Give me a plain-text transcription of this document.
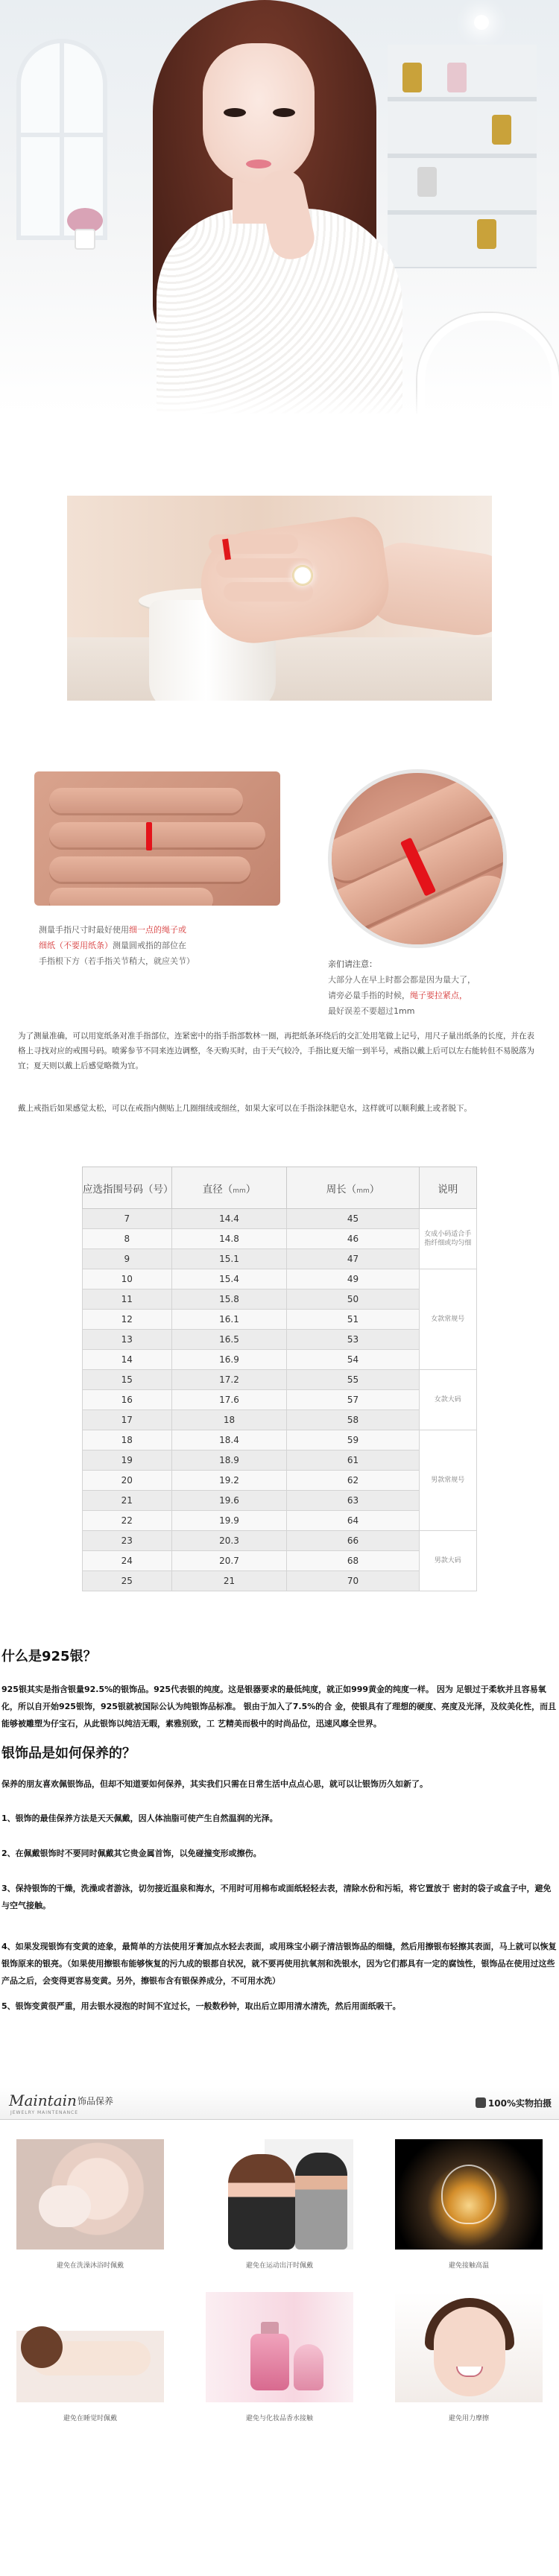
测量手指尺寸时最好使用细一点的绳子或
细纸（不要用纸条）测量圆戒指的部位在
手指根下方（若手指关节稍大，就应关节）	亲们请注意：
大部分人在早上时都会都是因为量大了，
请旁必量手指的时候，绳子要拉紧点，
最好误差不要超过1mm
为了测量准确，可以用宽纸条对准手指部位，连紧密中的指手指部数林一圈，再把纸条环绕后的交汇处用笔做上记号，用尺子量出纸条的长度，并在表格上寻找对应的戒围号码。喷雾参节不同来连边调整，冬天购买时，由于天气较冷，手指比夏天缩一到半号，戒指以戴上后可以左右能转但不易脱落为宜；夏天则以戴上后感觉略微为宜。
戴上戒指后如果感觉太松，可以在戒指内侧贴上几圈细绒或细丝，如果大家可以在手指涂抹肥皂水，这样就可以顺利戴上或者脱下。
应选指围号码（号）	直径（mm）	周长（mm）	说明
7	14.4	45	女成小码适合手指纤细或均匀细
8	14.8	46	
9	15.1	47	
10	15.4	49	女款常规号
11	15.8	50	
12	16.1	51	
13	16.5	53	
14	16.9	54	
15	17.2	55	女款大码
16	17.6	57	
17	18	58	
18	18.4	59	男款常规号
19	18.9	61	
20	19.2	62	
21	19.6	63	
22	19.9	64	
23	20.3	66	男款大码
24	20.7	68	
25	21	70	
什么是925银？
925银其实是指含银量92.5%的银饰品。925代表银的纯度。这是银器要求的最低纯度，就正如999黄金的纯度一样。 因为 足银过于柔软并且容易氧化，所以自开始925银饰，925银就被国际公认为纯银饰品标准。 银由于加入了7.5%的合 金，使银具有了理想的硬度、亮度及光泽，及纹美化性，而且能够被雕塑为仔宝石，从此银饰以纯洁无暇，素雅别致，工 艺精美而极中的时尚品位，迅速风靡全世界。
银饰品是如何保养的？
保养的朋友喜欢佩银饰品，但却不知道要如何保养，其实我们只需在日常生活中点点心思，就可以让银饰历久如新了。
1、银饰的最佳保养方法是天天佩戴，因人体油脂可使产生自然温润的光泽。
2、在佩戴银饰时不要同时佩戴其它贵金属首饰，以免碰撞变形或擦伤。
3、保持银饰的干燥，洗澡或者游泳，切勿接近温泉和海水，不用时可用棉布或面纸轻轻去表，清除水份和污垢，将它置放于 密封的袋子或盒子中，避免与空气接触。
4、如果发现银饰有变黄的迹象，最简单的方法使用牙膏加点水轻去表面，或用珠宝小刷子清洁银饰品的细缝，然后用擦银布轻擦其表面，马上就可以恢复银饰原来的银亮。（如果使用擦银布能够恢复的污九成的银都自状况，就不要再使用抗氧剂和洗银水，因为它们都具有一定的腐蚀性，银饰品在使用过这些产品之后，会变得更容易变黄。另外，擦银布含有银保养成分，不可用水洗）
5、银饰变黄很严重，用去银水浸泡的时间不宜过长，一般数秒钟，取出后立即用清水清洗，然后用面纸吸干。
Maintain 饰品保养
JEWELRY MAINTENANCE
100%实物拍摄
避免在洗澡沐浴时佩戴	避免在运动出汗时佩戴	避免接触高温
避免在睡觉时佩戴	避免与化妆品香水接触	避免用力摩擦
